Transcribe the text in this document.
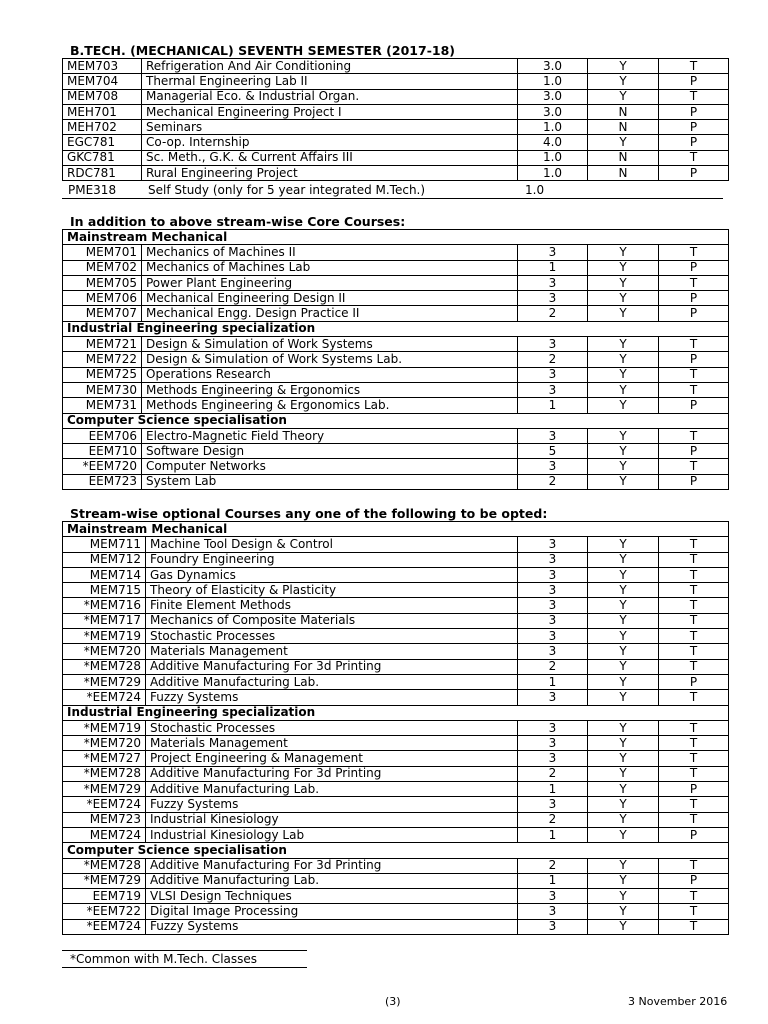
B.TECH. (MECHANICAL) SEVENTH SEMESTER (2017-18)
MEM703	Refrigeration And Air Conditioning	3.0	Y	T
MEM704	Thermal Engineering Lab II	1.0	Y	P
MEM708	Managerial Eco. & Industrial Organ.	3.0	Y	T
MEH701	Mechanical Engineering Project I	3.0	N	P
MEH702	Seminars	1.0	N	P
EGC781	Co-op. Internship	4.0	Y	P
GKC781	Sc. Meth., G.K. & Current Affairs III	1.0	N	T
RDC781	Rural Engineering Project	1.0	N	P
PME318	Self Study (only for 5 year integrated M.Tech.)	1.0
In addition to above stream-wise Core Courses:
Mainstream Mechanical				
MEM701	Mechanics of Machines II	3	Y	T
MEM702	Mechanics of Machines Lab	1	Y	P
MEM705	Power Plant Engineering	3	Y	T
MEM706	Mechanical Engineering Design II	3	Y	P
MEM707	Mechanical Engg. Design Practice II	2	Y	P
Industrial Engineering specialization				
MEM721	Design & Simulation of Work Systems	3	Y	T
MEM722	Design & Simulation of Work Systems Lab.	2	Y	P
MEM725	Operations Research	3	Y	T
MEM730	Methods Engineering & Ergonomics	3	Y	T
MEM731	Methods Engineering & Ergonomics Lab.	1	Y	P
Computer Science specialisation				
EEM706	Electro-Magnetic Field Theory	3	Y	T
EEM710	Software Design	5	Y	P
*EEM720	Computer Networks	3	Y	T
EEM723	System Lab	2	Y	P
Stream-wise optional Courses any one of the following to be opted:
Mainstream Mechanical				
MEM711	Machine Tool Design & Control	3	Y	T
MEM712	Foundry Engineering	3	Y	T
MEM714	Gas Dynamics	3	Y	T
MEM715	Theory of Elasticity & Plasticity	3	Y	T
*MEM716	Finite Element Methods	3	Y	T
*MEM717	Mechanics of Composite Materials	3	Y	T
*MEM719	Stochastic Processes	3	Y	T
*MEM720	Materials Management	3	Y	T
*MEM728	Additive Manufacturing For 3d Printing	2	Y	T
*MEM729	Additive Manufacturing Lab.	1	Y	P
*EEM724	Fuzzy Systems	3	Y	T
Industrial Engineering specialization				
*MEM719	Stochastic Processes	3	Y	T
*MEM720	Materials Management	3	Y	T
*MEM727	Project Engineering & Management	3	Y	T
*MEM728	Additive Manufacturing For 3d Printing	2	Y	T
*MEM729	Additive Manufacturing Lab.	1	Y	P
*EEM724	Fuzzy Systems	3	Y	T
MEM723	Industrial Kinesiology	2	Y	T
MEM724	Industrial Kinesiology Lab	1	Y	P
Computer Science specialisation				
*MEM728	Additive Manufacturing For 3d Printing	2	Y	T
*MEM729	Additive Manufacturing Lab.	1	Y	P
EEM719	VLSI Design Techniques	3	Y	T
*EEM722	Digital Image Processing	3	Y	T
*EEM724	Fuzzy Systems	3	Y	T
*Common with M.Tech. Classes
(3)	3 November 2016
